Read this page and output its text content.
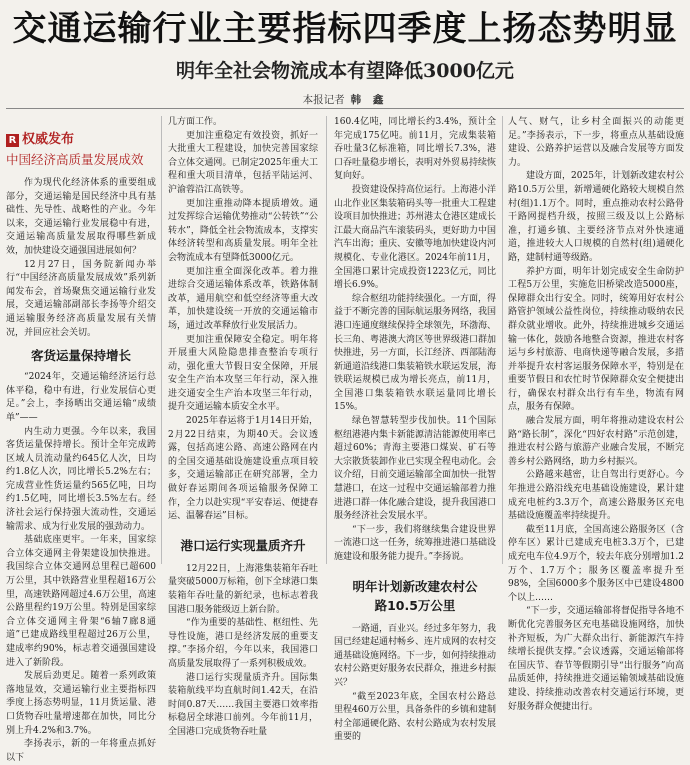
交通运输行业主要指标四季度上扬态势明显
明年全社会物流成本有望降低3000亿元
本报记者 韩 鑫
R 权威发布
中国经济高质量发展成效

作为现代化经济体系的重要组成部分，交通运输是国民经济中具有基础性、先导性、战略性的产业。今年以来，交通运输行业发展稳中有进，交通运输高质量发展取得哪些新成效，加快建设交通强国进展如何？

12月27日，国务院新闻办举行“中国经济高质量发展成效”系列新闻发布会，首场聚焦交通运输行业发展，交通运输部副部长李扬等介绍交通运输服务经济高质量发展有关情况，并回应社会关切。

客货运量保持增长

“2024年，交通运输经济运行总体平稳，稳中有进，行业发展信心更足。”会上，李扬晒出交通运输“成绩单”——

内生动力更强。今年以来，我国客货运量保持增长。预计全年完成跨区域人员流动量约645亿人次，日均约1.8亿人次，同比增长5.2%左右；完成营业性货运量约565亿吨，日均约1.5亿吨，同比增长3.5%左右。经济社会运行保持强大流动性，交通运输需求、成为行业发展的强劲动力。

基础底座更牢。一年来，国家综合立体交通网主骨架建设加快推进。我国综合立体交通网总里程已超600万公里，其中铁路营业里程超16万公里，高速铁路网超过4.6万公里，高速公路里程约19万公里。特别是国家综合立体交通网主骨架“6轴7廊8通道”已建成路线里程超过26万公里，建成率约90%，标志着交通强国建设进入了新阶段。

发展后劲更足。随着一系列政策落地显效，交通运输行业主要指标四季度上扬态势明显，11月货运量、港口货物吞吐量增速都在加快，同比分别上升4.2%和3.7%。

李扬表示，新的一年将重点抓好以下

几方面工作。

更加注重稳定有效投资，抓好一大批重大工程建设，加快完善国家综合立体交通网。已制定2025年重大工程和重大项目清单，包括平陆运河、沪渝蓉沿江高铁等。

更加注重推动降本提质增效。通过发挥综合运输优势推动“公转铁”“公转水”，降低全社会物流成本，支撑实体经济转型和高质量发展。明年全社会物流成本有望降低3000亿元。

更加注重全面深化改革。着力推进综合交通运输体系改革，铁路体制改革，通用航空和低空经济等重大改革，加快建设统一开放的交通运输市场，通过改革释放行业发展活力。

更加注重保障安全稳定。明年将开展重大风险隐患排查整治专项行动，强化重大节假日安全保障，开展安全生产治本攻坚三年行动，深入推进交通安全生产治本攻坚三年行动，提升交通运输本质安全水平。

2025年春运将于1月14日开始，2月22日结束，为期40天。会议透露，包括高速公路、高速公路网在内的全国交通基础设施建设重点项目较多，交通运输部正在研究部署，全力做好春运期间各项运输服务保障工作，全力以赴实现“平安春运、便捷春运、温馨春运”目标。

港口运行实现量质齐升

12月22日，上海港集装箱年吞吐量突破5000万标箱，创下全球港口集装箱年吞吐量的新纪录，也标志着我国港口服务能级迈上新台阶。

“作为重要的基础性、枢纽性、先导性设施，港口是经济发展的重要支撑。”李扬介绍，今年以来，我国港口高质量发展取得了一系列积极成效。

港口运行实现量质齐升。国际集装箱航线平均直航时间1.42天，在沿时间0.87天……我国主要港口效率指标稳居全球港口前列。今年前11月，全国港口完成货物吞吐量

160.4亿吨，同比增长约3.4%，预计全年完成175亿吨。前11月，完成集装箱吞吐量3亿标准箱，同比增长7.3%，港口吞吐量稳步增长，表明对外贸易持续恢复向好。

投资建设保持高位运行。上海港小洋山北作业区集装箱码头等一批重大工程建设项目加快推进；苏州港太仓港区建成长江最大商品汽车滚装码头，更好助力中国汽车出海；重庆、安徽等地加快建设内河规模化、专业化港区。2024年前11月，全国港口累计完成投资1223亿元，同比增长6.9%。

综合枢纽功能持续强化。一方面，得益于不断完善的国际航运服务网络，我国港口连通度继续保持全球领先，环渤海、长三角、粤港澳大湾区等世界级港口群加快推进，另一方面，长江经济、西部陆海新通道沿线港口集装箱铁水联运发展，海铁联运规模已成为增长亮点，前11月，全国港口集装箱铁水联运量同比增长15%。

绿色智慧转型步伐加快。11个国际枢纽港港内集卡新能源清洁能源使用率已超过60%；青海主要港口煤炭、矿石等大宗散货装卸作业已实现全程电动化。会议介绍，日前交通运输部全面加快一批智慧港口，在这一过程中交通运输部着力推进港口群一体化融合建设，提升我国港口服务经济社会发展水平。

“下一步，我们将继续集合建设世界一流港口这一任务，统筹推进港口基础设施建设和服务能力提升。”李扬说。

明年计划新改建农村公路10.5万公里

一路通，百业兴。经过多年努力，我国已经建起通村畅乡、连片成网的农村交通基础设施网络。下一步，如何持续推动农村公路更好服务农民群众，推进乡村振兴？

“截至2023年底，全国农村公路总里程460万公里，具备条件的乡镇和建制村全部通硬化路、农村公路成为农村发展重要的

人气、财气，让乡村全面振兴的动能更足。”李扬表示，下一步，将重点从基础设施建设、公路养护运营以及融合发展等方面发力。

建设方面，2025年，计划新改建农村公路10.5万公里，新增通硬化路较大规模自然村(组)1.1万个。同时，重点推动农村公路骨干路网提档升级，按照三级及以上公路标准，打通乡镇、主要经济节点对外快速通道，推进较大人口规模的自然村(组)通硬化路，建制村通等级路。

养护方面，明年计划完成安全生命防护工程5万公里，实施危旧桥梁改造5000座，保障群众出行安全。同时，统筹用好农村公路管护领域公益性岗位，持续推动吸纳农民群众就业增收。此外，持续推进城乡交通运输一体化，鼓励各地整合资源，推进农村客运与乡村旅游、电商快递等融合发展，多措并举提升农村客运服务保障水平，特别是在重要节假日和农忙时节保障群众安全便捷出行，确保农村群众出行有车坐，物流有网点，服务有保障。

融合发展方面，明年将推动建设农村公路“路长制”，深化“四好农村路”示范创建，推进农村公路与旅游产业融合发展，不断完善乡村公路网络，助力乡村振兴。

公路越来越密，让自驾出行更舒心。今年推进公路沿线充电基础设施建设，累计建成充电桩约3.3万个，高速公路服务区充电基础设施覆盖率持续提升。

截至11月底，全国高速公路服务区（含停车区）累计已建成充电桩3.3万个，已建成充电车位4.9万个，较去年底分别增加1.2万个、1.7万个；服务区覆盖率提升至98%，全国6000多个服务区中已建设4800个以上……

“下一步，交通运输部将督促指导各地不断优化完善服务区充电基础设施网络，加快补齐短板，为广大群众出行、新能源汽车持续增长提供支撑。”会议透露，交通运输部将在国庆节、春节等假期引导“出行服务”向高品质延伸，持续推进交通运输领域基础设施建设、持续推动改善农村交通运行环境，更好服务群众便捷出行。
